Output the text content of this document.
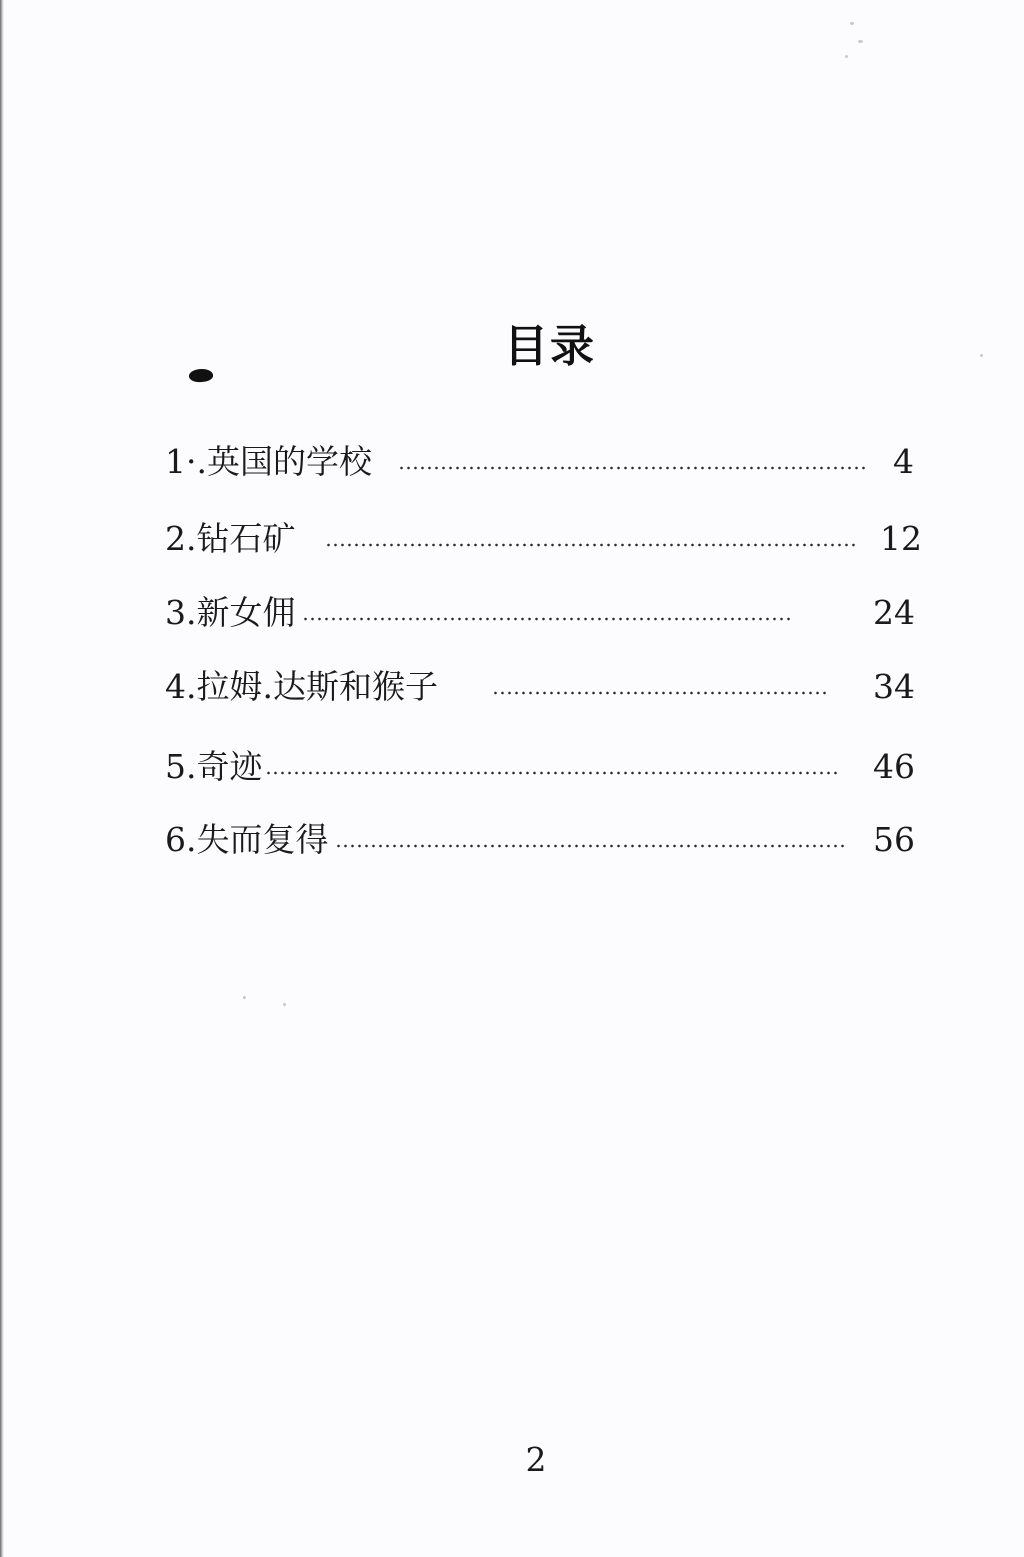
目录
1·.英国的学校	4
2.钻石矿	12
3.新女佣	24
4.拉姆.达斯和猴子	34
5.奇迹	46
6.失而复得	56
2
